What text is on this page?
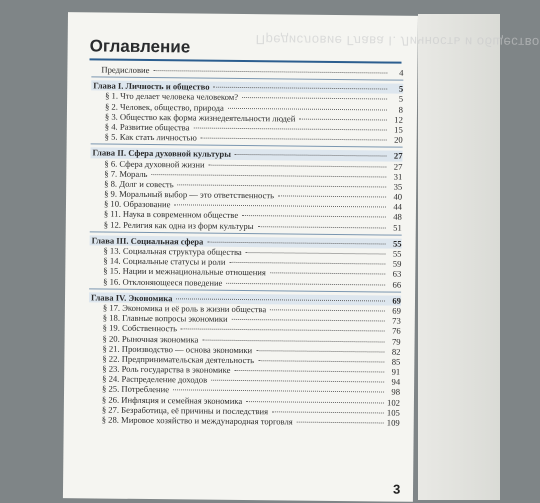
Предисловие Глава I. Личность и общество
Оглавление
Предисловие	4
Глава I. Личность и общество	5
§ 1. Что делает человека человеком?	5
§ 2. Человек, общество, природа	8
§ 3. Общество как форма жизнедеятельности людей	12
§ 4. Развитие общества	15
§ 5. Как стать личностью	20
Глава II. Сфера духовной культуры	27
§ 6. Сфера духовной жизни	27
§ 7. Мораль	31
§ 8. Долг и совесть	35
§ 9. Моральный выбор — это ответственность	40
§ 10. Образование	44
§ 11. Наука в современном обществе	48
§ 12. Религия как одна из форм культуры	51
Глава III. Социальная сфера	55
§ 13. Социальная структура общества	55
§ 14. Социальные статусы и роли	59
§ 15. Нации и межнациональные отношения	63
§ 16. Отклоняющееся поведение	66
Глава IV. Экономика	69
§ 17. Экономика и её роль в жизни общества	69
§ 18. Главные вопросы экономики	73
§ 19. Собственность	76
§ 20. Рыночная экономика	79
§ 21. Производство — основа экономики	82
§ 22. Предпринимательская деятельность	85
§ 23. Роль государства в экономике	91
§ 24. Распределение доходов	94
§ 25. Потребление	98
§ 26. Инфляция и семейная экономика	102
§ 27. Безработица, её причины и последствия	105
§ 28. Мировое хозяйство и международная торговля	109
3
